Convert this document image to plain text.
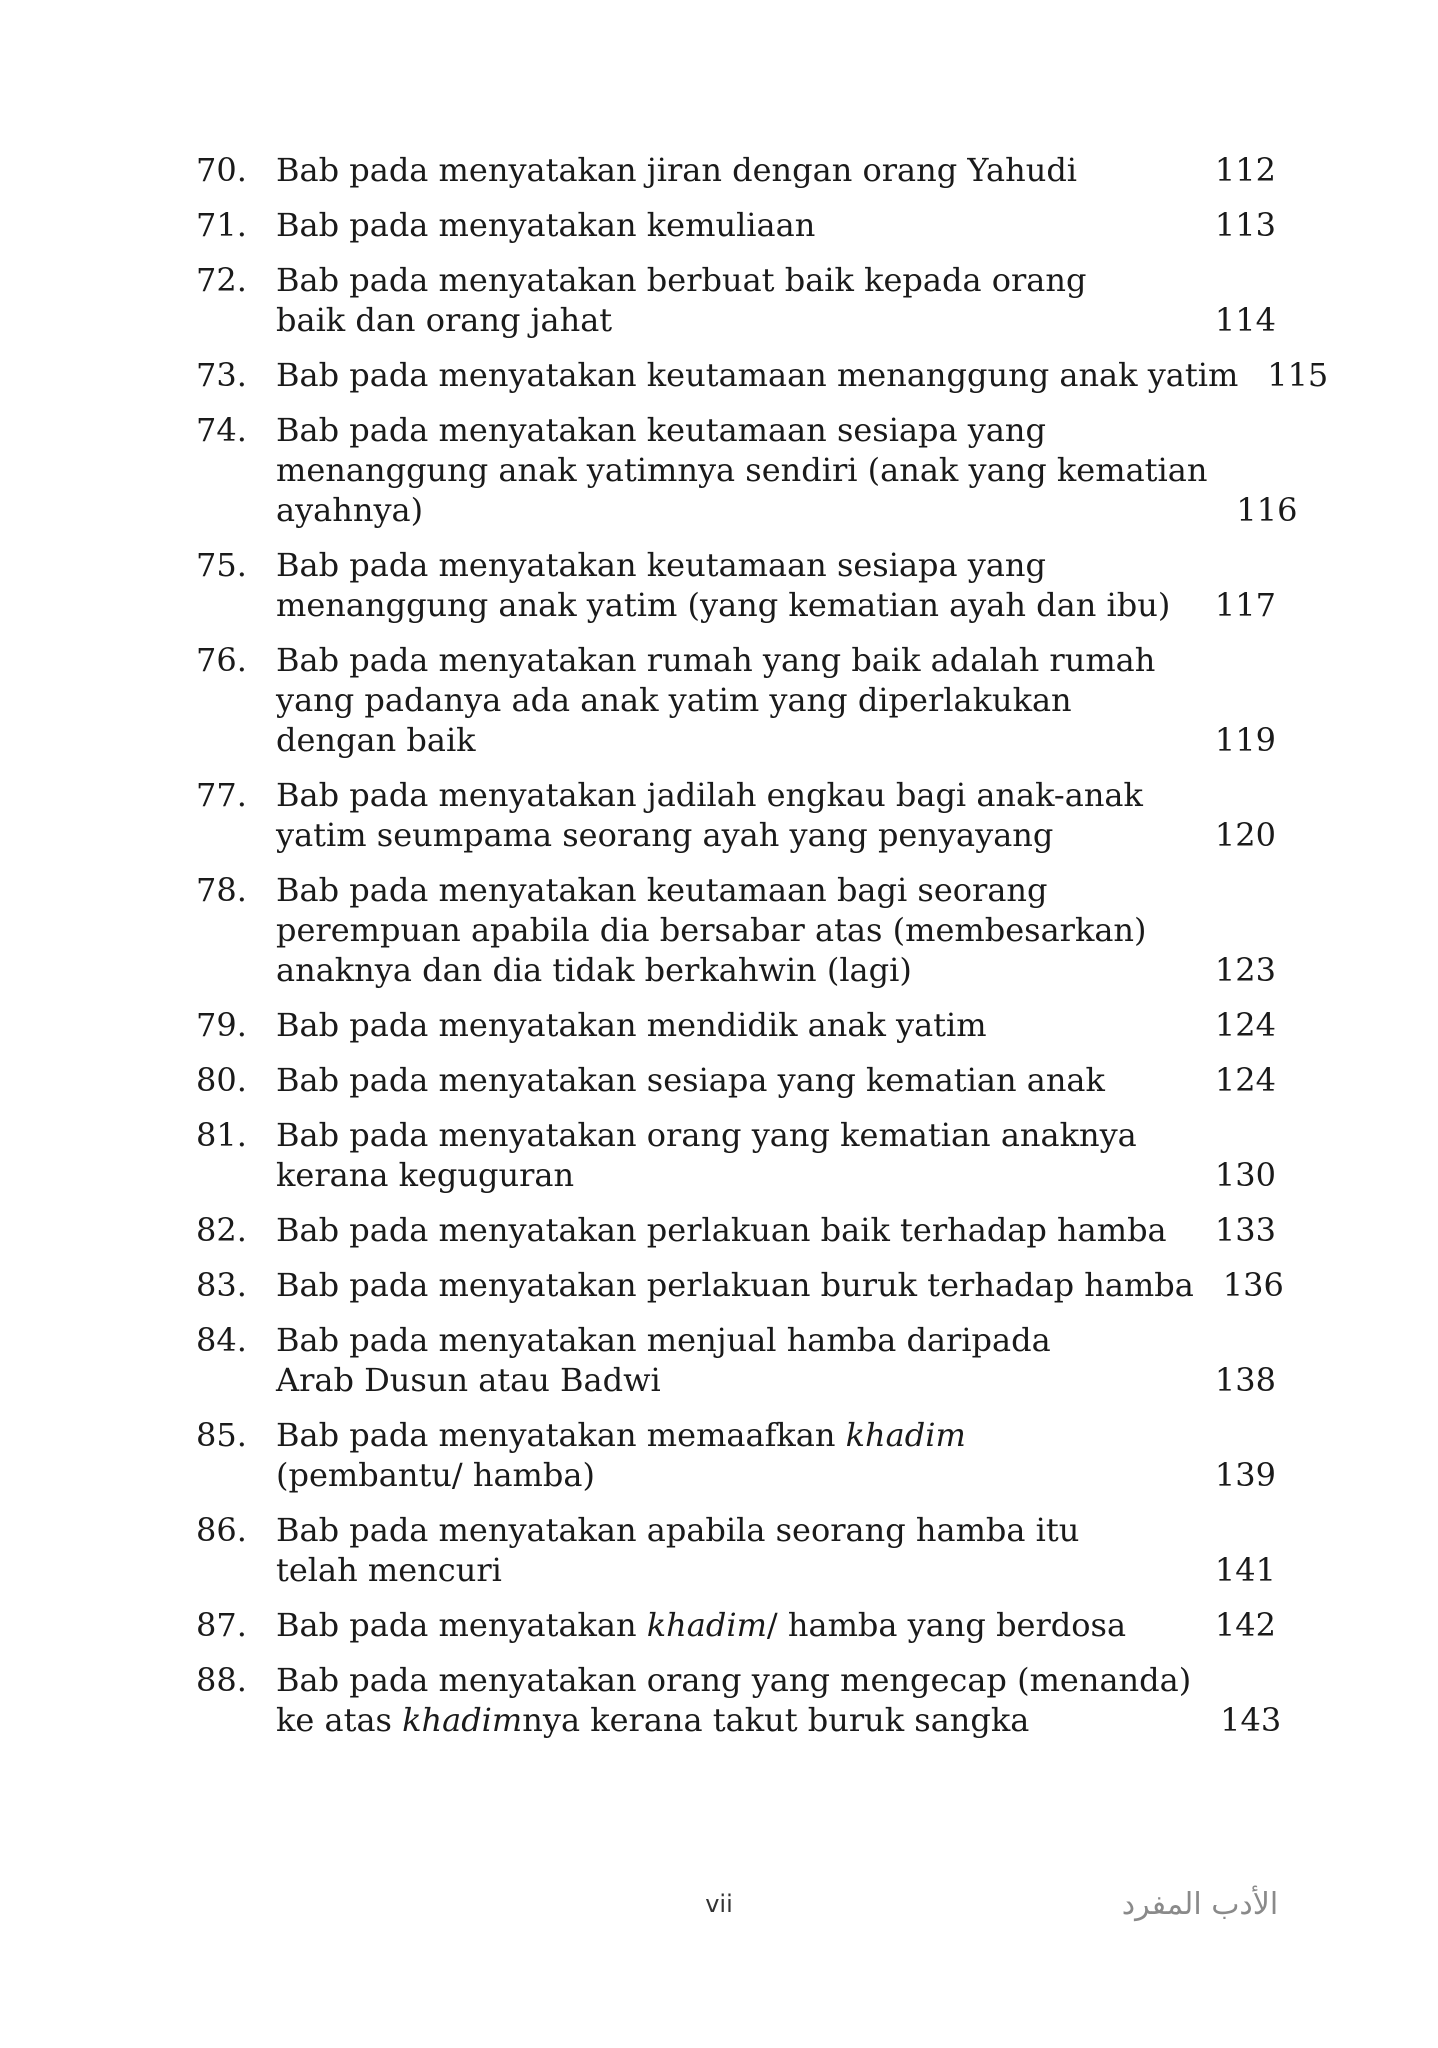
70. Bab pada menyatakan jiran dengan orang Yahudi	112
71. Bab pada menyatakan kemuliaan	113
72. Bab pada menyatakan berbuat baik kepada orang
baik dan orang jahat	114
73. Bab pada menyatakan keutamaan menanggung anak yatim 115
74. Bab pada menyatakan keutamaan sesiapa yang
menanggung anak yatimnya sendiri (anak yang kematian
ayahnya)	116
75. Bab pada menyatakan keutamaan sesiapa yang
menanggung anak yatim (yang kematian ayah dan ibu)	117
76. Bab pada menyatakan rumah yang baik adalah rumah
yang padanya ada anak yatim yang diperlakukan
dengan baik	119
77. Bab pada menyatakan jadilah engkau bagi anak-anak
yatim seumpama seorang ayah yang penyayang	120
78. Bab pada menyatakan keutamaan bagi seorang
perempuan apabila dia bersabar atas (membesarkan)
anaknya dan dia tidak berkahwin (lagi)	123
79. Bab pada menyatakan mendidik anak yatim	124
80. Bab pada menyatakan sesiapa yang kematian anak	124
81. Bab pada menyatakan orang yang kematian anaknya
kerana keguguran	130
82. Bab pada menyatakan perlakuan baik terhadap hamba	133
83. Bab pada menyatakan perlakuan buruk terhadap hamba 136
84. Bab pada menyatakan menjual hamba daripada
Arab Dusun atau Badwi	138
85. Bab pada menyatakan memaafkan khadim
(pembantu/ hamba)	139
86. Bab pada menyatakan apabila seorang hamba itu
telah mencuri	141
87. Bab pada menyatakan khadim/ hamba yang berdosa	142
88. Bab pada menyatakan orang yang mengecap (menanda)
ke atas khadimnya kerana takut buruk sangka	143
vii	الأدب المفرد
